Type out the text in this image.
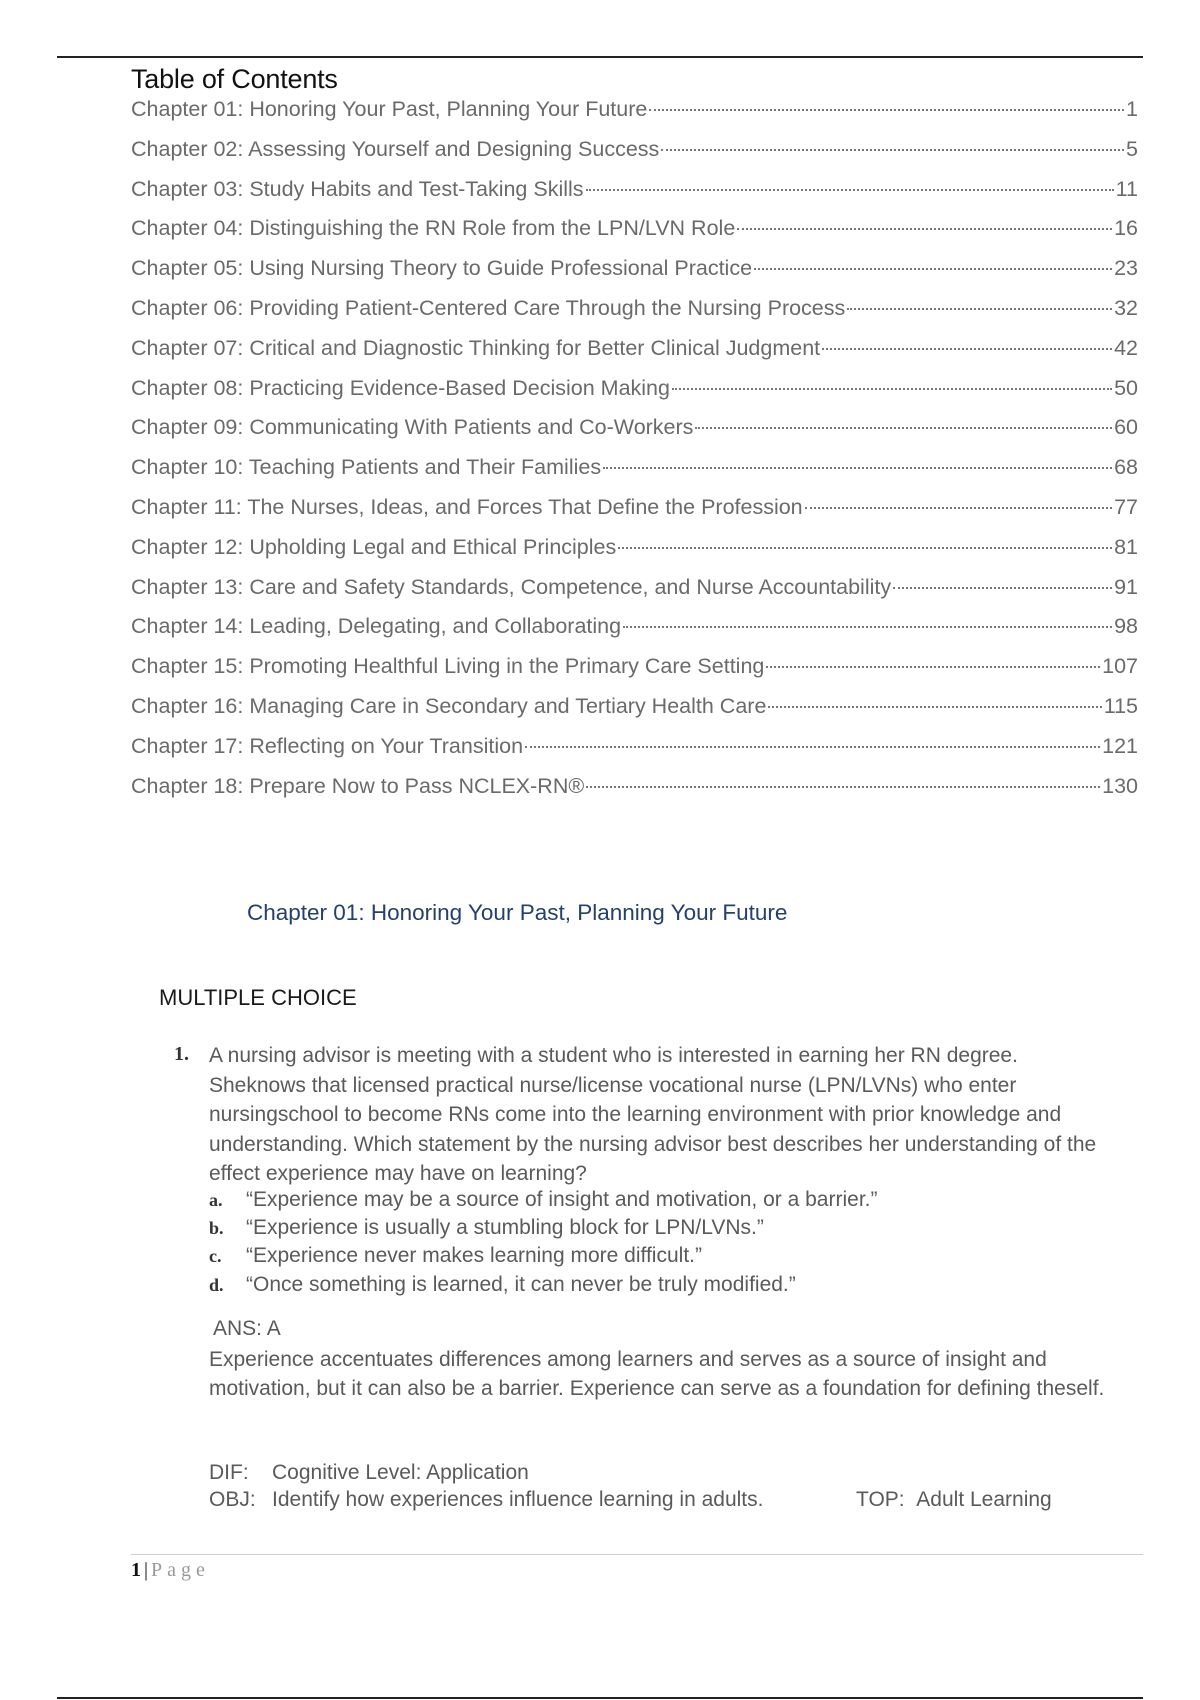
Table of Contents
Chapter 01: Honoring Your Past, Planning Your Future	1
Chapter 02: Assessing Yourself and Designing Success	5
Chapter 03: Study Habits and Test-Taking Skills	11
Chapter 04: Distinguishing the RN Role from the LPN/LVN Role	16
Chapter 05: Using Nursing Theory to Guide Professional Practice	23
Chapter 06: Providing Patient-Centered Care Through the Nursing Process	32
Chapter 07: Critical and Diagnostic Thinking for Better Clinical Judgment	42
Chapter 08: Practicing Evidence-Based Decision Making	50
Chapter 09: Communicating With Patients and Co-Workers	60
Chapter 10: Teaching Patients and Their Families	68
Chapter 11: The Nurses, Ideas, and Forces That Define the Profession	77
Chapter 12: Upholding Legal and Ethical Principles	81
Chapter 13: Care and Safety Standards, Competence, and Nurse Accountability	91
Chapter 14: Leading, Delegating, and Collaborating	98
Chapter 15: Promoting Healthful Living in the Primary Care Setting	107
Chapter 16: Managing Care in Secondary and Tertiary Health Care	115
Chapter 17: Reflecting on Your Transition	121
Chapter 18: Prepare Now to Pass NCLEX-RN®	130
Chapter 01: Honoring Your Past, Planning Your Future
MULTIPLE CHOICE
1. A nursing advisor is meeting with a student who is interested in earning her RN degree. Sheknows that licensed practical nurse/license vocational nurse (LPN/LVNs) who enter nursingschool to become RNs come into the learning environment with prior knowledge and understanding. Which statement by the nursing advisor best describes her understanding of the effect experience may have on learning?
a.	“Experience may be a source of insight and motivation, or a barrier.”
b.	“Experience is usually a stumbling block for LPN/LVNs.”
c.	“Experience never makes learning more difficult.”
d.	“Once something is learned, it can never be truly modified.”
ANS: A
Experience accentuates differences among learners and serves as a source of insight and motivation, but it can also be a barrier. Experience can serve as a foundation for defining theself.
DIF: Cognitive Level: Application
OBJ: Identify how experiences influence learning in adults.	TOP: Adult Learning
1 | Page
